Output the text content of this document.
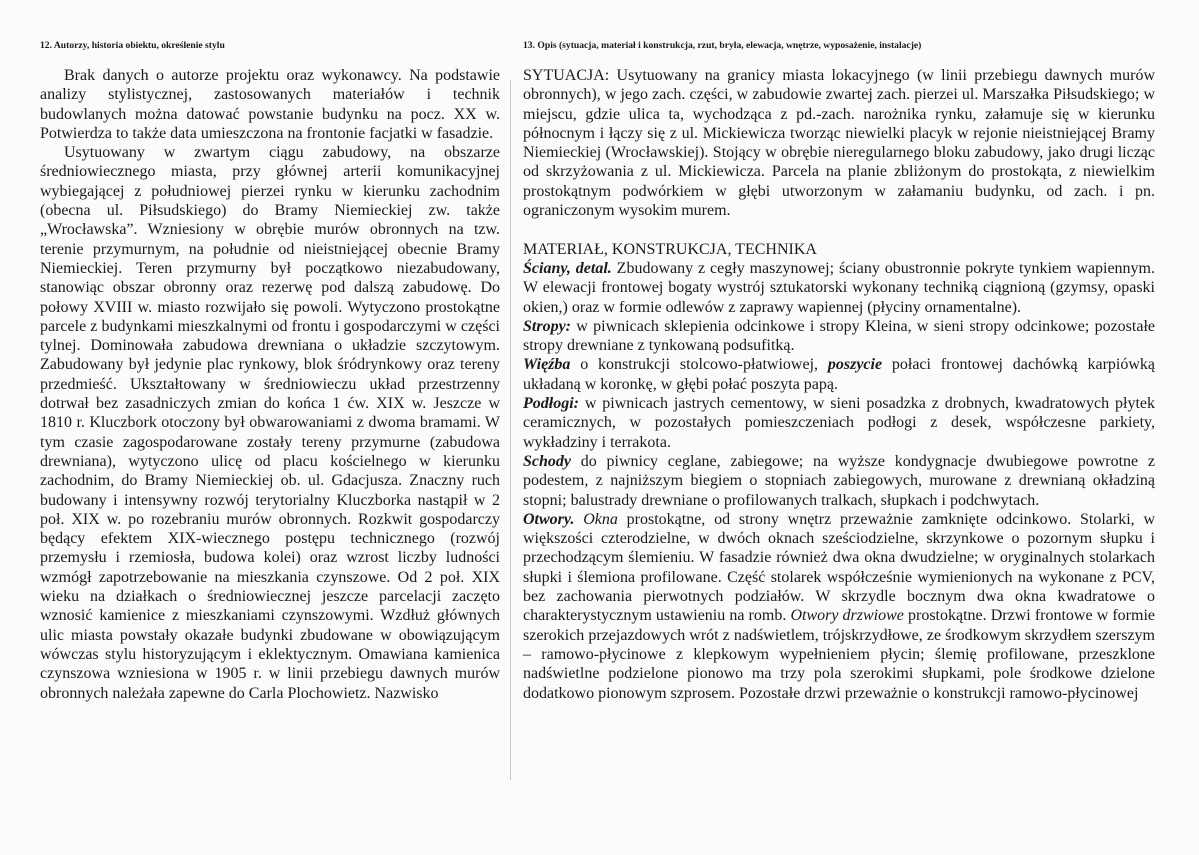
12. Autorzy, historia obiektu, określenie stylu

Brak danych o autorze projektu oraz wykonawcy. Na podstawie analizy stylistycznej, zastosowanych materiałów i technik budowlanych można datować powstanie budynku na pocz. XX w. Potwierdza to także data umieszczona na frontonie facjatki w fasadzie.

Usytuowany w zwartym ciągu zabudowy, na obszarze średniowiecznego miasta, przy głównej arterii komunikacyjnej wybiegającej z południowej pierzei rynku w kierunku zachodnim (obecna ul. Piłsudskiego) do Bramy Niemieckiej zw. także „Wrocławska”. Wzniesiony w obrębie murów obronnych na tzw. terenie przymurnym, na południe od nieistniejącej obecnie Bramy Niemieckiej. Teren przymurny był początkowo niezabudowany, stanowiąc obszar obronny oraz rezerwę pod dalszą zabudowę. Do połowy XVIII w. miasto rozwijało się powoli. Wytyczono prostokątne parcele z budynkami mieszkalnymi od frontu i gospodarczymi w części tylnej. Dominowała zabudowa drewniana o układzie szczytowym. Zabudowany był jedynie plac rynkowy, blok śródrynkowy oraz tereny przedmieść. Ukształtowany w średniowieczu układ przestrzenny dotrwał bez zasadniczych zmian do końca 1 ćw. XIX w. Jeszcze w 1810 r. Kluczbork otoczony był obwarowaniami z dwoma bramami. W tym czasie zagospodarowane zostały tereny przymurne (zabudowa drewniana), wytyczono ulicę od placu kościelnego w kierunku zachodnim, do Bramy Niemieckiej ob. ul. Gdacjusza. Znaczny ruch budowany i intensywny rozwój terytorialny Kluczborka nastąpił w 2 poł. XIX w. po rozebraniu murów obronnych. Rozkwit gospodarczy będący efektem XIX-wiecznego postępu technicznego (rozwój przemysłu i rzemiosła, budowa kolei) oraz wzrost liczby ludności wzmógł zapotrzebowanie na mieszkania czynszowe. Od 2 poł. XIX wieku na działkach o średniowiecznej jeszcze parcelacji zaczęto wznosić kamienice z mieszkaniami czynszowymi. Wzdłuż głównych ulic miasta powstały okazałe budynki zbudowane w obowiązującym wówczas stylu historyzującym i eklektycznym. Omawiana kamienica czynszowa wzniesiona w 1905 r. w linii przebiegu dawnych murów obronnych należała zapewne do Carla Plochowietz. Nazwisko

13. Opis (sytuacja, materiał i konstrukcja, rzut, bryła, elewacja, wnętrze, wyposażenie, instalacje)

SYTUACJA: Usytuowany na granicy miasta lokacyjnego (w linii przebiegu dawnych murów obronnych), w jego zach. części, w zabudowie zwartej zach. pierzei ul. Marszałka Piłsudskiego; w miejscu, gdzie ulica ta, wychodząca z pd.-zach. narożnika rynku, załamuje się w kierunku północnym i łączy się z ul. Mickiewicza tworząc niewielki placyk w rejonie nieistniejącej Bramy Niemieckiej (Wrocławskiej). Stojący w obrębie nieregularnego bloku zabudowy, jako drugi licząc od skrzyżowania z ul. Mickiewicza. Parcela na planie zbliżonym do prostokąta, z niewielkim prostokątnym podwórkiem w głębi utworzonym w załamaniu budynku, od zach. i pn. ograniczonym wysokim murem.

MATERIAŁ, KONSTRUKCJA, TECHNIKA

Ściany, detal. Zbudowany z cegły maszynowej; ściany obustronnie pokryte tynkiem wapiennym. W elewacji frontowej bogaty wystrój sztukatorski wykonany techniką ciągnioną (gzymsy, opaski okien,) oraz w formie odlewów z zaprawy wapiennej (płyciny ornamentalne).

Stropy: w piwnicach sklepienia odcinkowe i stropy Kleina, w sieni stropy odcinkowe; pozostałe stropy drewniane z tynkowaną podsufitką.

Więźba o konstrukcji stolcowo-płatwiowej, poszycie połaci frontowej dachówką karpiówką układaną w koronkę, w głębi połać poszyta papą.

Podłogi: w piwnicach jastrych cementowy, w sieni posadzka z drobnych, kwadratowych płytek ceramicznych, w pozostałych pomieszczeniach podłogi z desek, współczesne parkiety, wykładziny i terrakota.

Schody do piwnicy ceglane, zabiegowe; na wyższe kondygnacje dwubiegowe powrotne z podestem, z najniższym biegiem o stopniach zabiegowych, murowane z drewnianą okładziną stopni; balustrady drewniane o profilowanych tralkach, słupkach i podchwytach.

Otwory. Okna prostokątne, od strony wnętrz przeważnie zamknięte odcinkowo. Stolarki, w większości czterodzielne, w dwóch oknach sześciodzielne, skrzynkowe o pozornym słupku i przechodzącym ślemieniu. W fasadzie również dwa okna dwudzielne; w oryginalnych stolarkach słupki i ślemiona profilowane. Część stolarek współcześnie wymienionych na wykonane z PCV, bez zachowania pierwotnych podziałów. W skrzydle bocznym dwa okna kwadratowe o charakterystycznym ustawieniu na romb. Otwory drzwiowe prostokątne. Drzwi frontowe w formie szerokich przejazdowych wrót z nadświetlem, trójskrzydłowe, ze środkowym skrzydłem szerszym – ramowo-płycinowe z klepkowym wypełnieniem płycin; ślemię profilowane, przeszklone nadświetlne podzielone pionowo ma trzy pola szerokimi słupkami, pole środkowe dzielone dodatkowo pionowym szprosem. Pozostałe drzwi przeważnie o konstrukcji ramowo-płycinowej
